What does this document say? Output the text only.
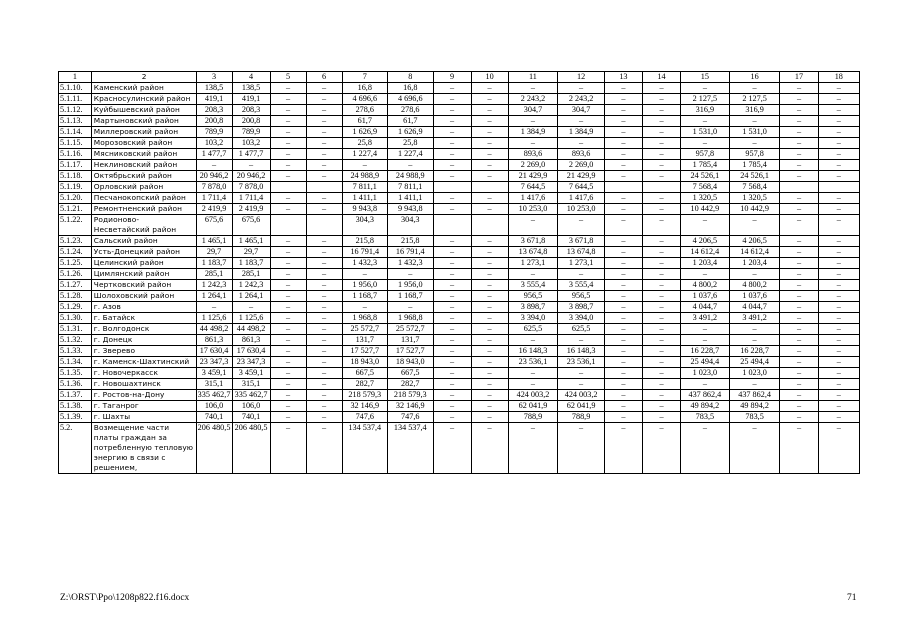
1	2	3	4	5	6	7	8	9	10	11	12	13	14	15	16	17	18
5.1.10.	Каменский район	138,5	138,5	–	–	16,8	16,8	–	–	–	–	–	–	–	–	–	–
5.1.11.	Красносулинский район	419,1	419,1	–	–	4 696,6	4 696,6	–	–	2 243,2	2 243,2	–	–	2 127,5	2 127,5	–	–
5.1.12.	Куйбышевский район	208,3	208,3	–	–	278,6	278,6	–	–	304,7	304,7	–	–	316,9	316,9	–	–
5.1.13.	Мартыновский район	200,8	200,8	–	–	61,7	61,7	–	–	–	–	–	–	–	–	–	–
5.1.14.	Миллеровский район	789,9	789,9	–	–	1 626,9	1 626,9	–	–	1 384,9	1 384,9	–	–	1 531,0	1 531,0	–	–
5.1.15.	Морозовский район	103,2	103,2	–	–	25,8	25,8	–	–	–	–	–	–	–	–	–	–
5.1.16.	Мясниковский район	1 477,7	1 477,7	–	–	1 227,4	1 227,4	–	–	893,6	893,6	–	–	957,8	957,8	–	–
5.1.17.	Неклиновский район	–	–	–	–	–	–	–	–	2 269,0	2 269,0	–	–	1 785,4	1 785,4	–	–
5.1.18.	Октябрьский район	20 946,2	20 946,2	–	–	24 988,9	24 988,9	–	–	21 429,9	21 429,9	–	–	24 526,1	24 526,1	–	–
5.1.19.	Орловский район	7 878,0	7 878,0			7 811,1	7 811,1			7 644,5	7 644,5			7 568,4	7 568,4		
5.1.20.	Песчанокопский район	1 711,4	1 711,4	–	–	1 411,1	1 411,1	–	–	1 417,6	1 417,6	–	–	1 320,5	1 320,5	–	–
5.1.21.	Ремонтненский район	2 419,9	2 419,9	–	–	9 943,8	9 943,8	–	–	10 253,0	10 253,0	–	–	10 442,9	10 442,9	–	–
5.1.22.	Родионово-Несветайский район	675,6	675,6			304,3	304,3			–	–	–	–	–	–	–	–
5.1.23.	Сальский район	1 465,1	1 465,1	–	–	215,8	215,8	–	–	3 671,8	3 671,8	–	–	4 206,5	4 206,5	–	–
5.1.24.	Усть-Донецкий район	29,7	29,7	–	–	16 791,4	16 791,4	–	–	13 674,8	13 674,8	–	–	14 612,4	14 612,4	–	–
5.1.25.	Целинский район	1 183,7	1 183,7	–	–	1 432,3	1 432,3	–	–	1 273,1	1 273,1	–	–	1 203,4	1 203,4	–	–
5.1.26.	Цимлянский район	285,1	285,1	–	–	–	–	–	–	–	–	–	–	–	–	–	–
5.1.27.	Чертковский район	1 242,3	1 242,3	–	–	1 956,0	1 956,0	–	–	3 555,4	3 555,4	–	–	4 800,2	4 800,2	–	–
5.1.28.	Шолоховский район	1 264,1	1 264,1	–	–	1 168,7	1 168,7	–	–	956,5	956,5	–	–	1 037,6	1 037,6	–	–
5.1.29.	г. Азов	–	–	–	–	–	–	–	–	3 898,7	3 898,7	–	–	4 044,7	4 044,7	–	–
5.1.30.	г. Батайск	1 125,6	1 125,6	–	–	1 968,8	1 968,8	–	–	3 394,0	3 394,0	–	–	3 491,2	3 491,2	–	–
5.1.31.	г. Волгодонск	44 498,2	44 498,2	–	–	25 572,7	25 572,7	–	–	625,5	625,5	–	–	–	–	–	–
5.1.32.	г. Донецк	861,3	861,3	–	–	131,7	131,7	–	–	–	–	–	–	–	–	–	–
5.1.33.	г. Зверево	17 630,4	17 630,4	–	–	17 527,7	17 527,7	–	–	16 148,3	16 148,3	–	–	16 228,7	16 228,7	–	–
5.1.34.	г. Каменск-Шахтинский	23 347,3	23 347,3	–	–	18 943,0	18 943,0	–	–	23 536,1	23 536,1	–	–	25 494,4	25 494,4	–	–
5.1.35.	г. Новочеркасск	3 459,1	3 459,1	–	–	667,5	667,5	–	–	–	–	–	–	1 023,0	1 023,0	–	–
5.1.36.	г. Новошахтинск	315,1	315,1	–	–	282,7	282,7	–	–	–	–	–	–	–	–	–	–
5.1.37.	г. Ростов-на-Дону	335 462,7	335 462,7	–	–	218 579,3	218 579,3	–	–	424 003,2	424 003,2	–	–	437 862,4	437 862,4	–	–
5.1.38.	г. Таганрог	106,0	106,0	–	–	32 146,9	32 146,9	–	–	62 041,9	62 041,9	–	–	49 894,2	49 894,2	–	–
5.1.39.	г. Шахты	740,1	740,1	–	–	747,6	747,6	–	–	788,9	788,9	–	–	783,5	783,5	–	–
5.2.	Возмещение части платы граждан за потребленную тепловую энергию в связи с решением,	206 480,5	206 480,5	–	–	134 537,4	134 537,4	–	–	–	–	–	–	–	–	–	–
Z:\ORST\Ppo\1208p822.f16.docx	71
